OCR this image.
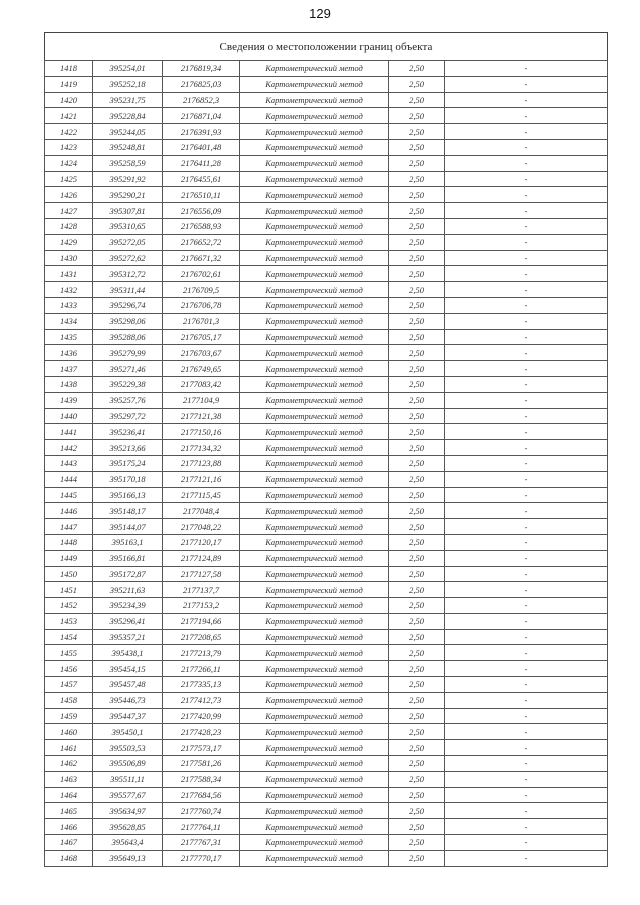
129
Сведения о местоположении границ объекта
1418	395254,01	2176819,34	Картометрический метод	2,50	-
1419	395252,18	2176825,03	Картометрический метод	2,50	-
1420	395231,75	2176852,3	Картометрический метод	2,50	-
1421	395228,84	2176871,04	Картометрический метод	2,50	-
1422	395244,05	2176391,93	Картометрический метод	2,50	-
1423	395248,81	2176401,48	Картометрический метод	2,50	-
1424	395258,59	2176411,28	Картометрический метод	2,50	-
1425	395291,92	2176455,61	Картометрический метод	2,50	-
1426	395290,21	2176510,11	Картометрический метод	2,50	-
1427	395307,81	2176556,09	Картометрический метод	2,50	-
1428	395310,65	2176588,93	Картометрический метод	2,50	-
1429	395272,05	2176652,72	Картометрический метод	2,50	-
1430	395272,62	2176671,32	Картометрический метод	2,50	-
1431	395312,72	2176702,61	Картометрический метод	2,50	-
1432	395311,44	2176709,5	Картометрический метод	2,50	-
1433	395296,74	2176706,78	Картометрический метод	2,50	-
1434	395298,06	2176701,3	Картометрический метод	2,50	-
1435	395288,06	2176705,17	Картометрический метод	2,50	-
1436	395279,99	2176703,67	Картометрический метод	2,50	-
1437	395271,46	2176749,65	Картометрический метод	2,50	-
1438	395229,38	2177083,42	Картометрический метод	2,50	-
1439	395257,76	2177104,9	Картометрический метод	2,50	-
1440	395297,72	2177121,38	Картометрический метод	2,50	-
1441	395236,41	2177150,16	Картометрический метод	2,50	-
1442	395213,66	2177134,32	Картометрический метод	2,50	-
1443	395175,24	2177123,88	Картометрический метод	2,50	-
1444	395170,18	2177121,16	Картометрический метод	2,50	-
1445	395166,13	2177115,45	Картометрический метод	2,50	-
1446	395148,17	2177048,4	Картометрический метод	2,50	-
1447	395144,07	2177048,22	Картометрический метод	2,50	-
1448	395163,1	2177120,17	Картометрический метод	2,50	-
1449	395166,81	2177124,89	Картометрический метод	2,50	-
1450	395172,87	2177127,58	Картометрический метод	2,50	-
1451	395211,63	2177137,7	Картометрический метод	2,50	-
1452	395234,39	2177153,2	Картометрический метод	2,50	-
1453	395296,41	2177194,66	Картометрический метод	2,50	-
1454	395357,21	2177208,65	Картометрический метод	2,50	-
1455	395438,1	2177213,79	Картометрический метод	2,50	-
1456	395454,15	2177266,11	Картометрический метод	2,50	-
1457	395457,48	2177335,13	Картометрический метод	2,50	-
1458	395446,73	2177412,73	Картометрический метод	2,50	-
1459	395447,37	2177420,99	Картометрический метод	2,50	-
1460	395450,1	2177428,23	Картометрический метод	2,50	-
1461	395503,53	2177573,17	Картометрический метод	2,50	-
1462	395506,89	2177581,26	Картометрический метод	2,50	-
1463	395511,11	2177588,34	Картометрический метод	2,50	-
1464	395577,67	2177684,56	Картометрический метод	2,50	-
1465	395634,97	2177760,74	Картометрический метод	2,50	-
1466	395628,85	2177764,11	Картометрический метод	2,50	-
1467	395643,4	2177767,31	Картометрический метод	2,50	-
1468	395649,13	2177770,17	Картометрический метод	2,50	-
